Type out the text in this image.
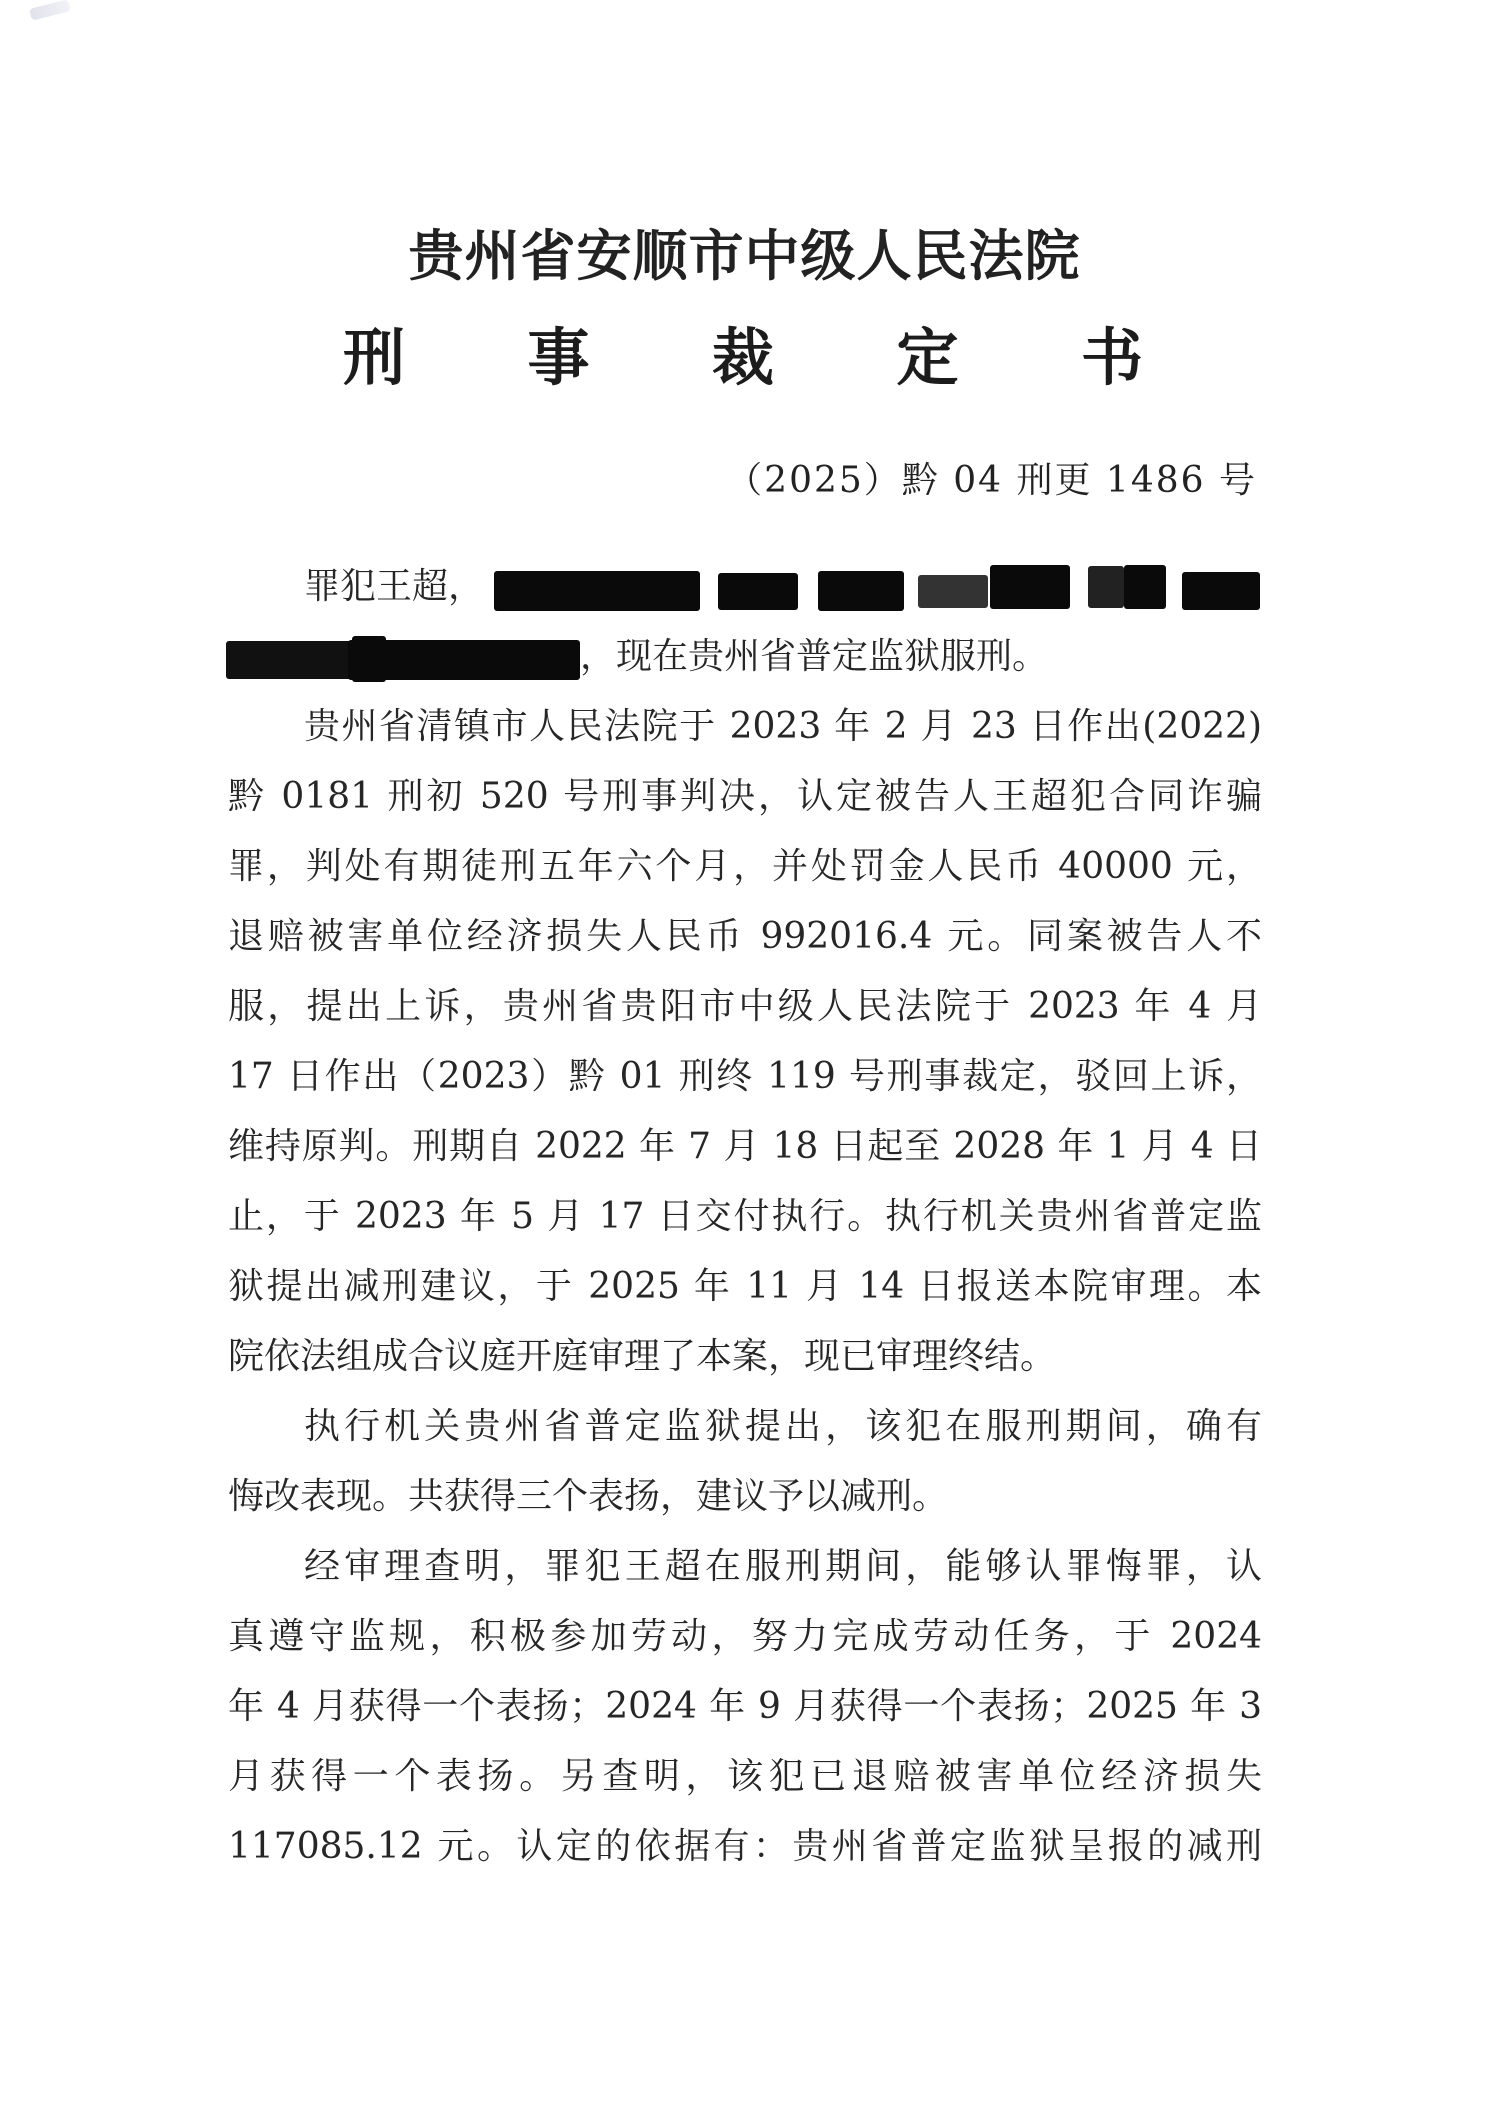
贵州省安顺市中级人民法院
刑 事 裁 定 书
（2025）黔 04 刑更 1486 号
罪犯王超，
，现在贵州省普定监狱服刑。
贵州省清镇市人民法院于 2023 年 2 月 23 日作出(2022)
黔 0181 刑初 520 号刑事判决，认定被告人王超犯合同诈骗
罪，判处有期徒刑五年六个月，并处罚金人民币 40000 元，
退赔被害单位经济损失人民币 992016.4 元。同案被告人不
服，提出上诉，贵州省贵阳市中级人民法院于 2023 年 4 月
17 日作出（2023）黔 01 刑终 119 号刑事裁定，驳回上诉，
维持原判。刑期自 2022 年 7 月 18 日起至 2028 年 1 月 4 日
止，于 2023 年 5 月 17 日交付执行。执行机关贵州省普定监
狱提出减刑建议，于 2025 年 11 月 14 日报送本院审理。本
院依法组成合议庭开庭审理了本案，现已审理终结。
执行机关贵州省普定监狱提出，该犯在服刑期间，确有
悔改表现。共获得三个表扬，建议予以减刑。
经审理查明，罪犯王超在服刑期间，能够认罪悔罪，认
真遵守监规，积极参加劳动，努力完成劳动任务，于 2024
年 4 月获得一个表扬；2024 年 9 月获得一个表扬；2025 年 3
月获得一个表扬。另查明，该犯已退赔被害单位经济损失
117085.12 元。认定的依据有：贵州省普定监狱呈报的减刑
